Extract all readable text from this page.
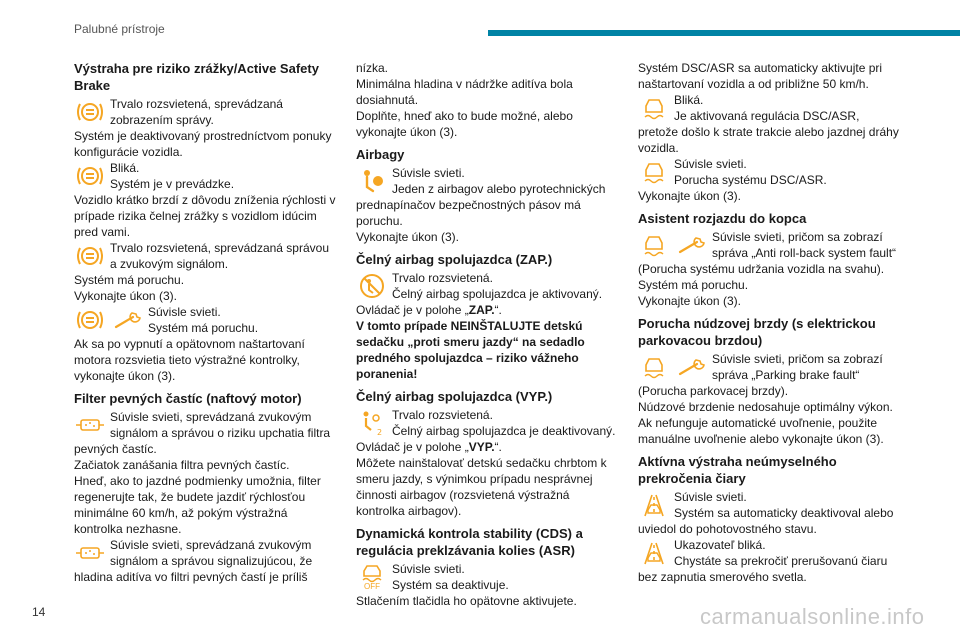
Palubné prístroje
Výstraha pre riziko zrážky/Active Safety Brake
Trvalo rozsvietená, sprevádzaná
zobrazením správy.

Systém je deaktivovaný prostredníctvom ponuky konfigurácie vozidla.

Bliká.
Systém je v prevádzke.

Vozidlo krátko brzdí z dôvodu zníženia rýchlosti v prípade rizika čelnej zrážky s vozidlom idúcim pred vami.

Trvalo rozsvietená, sprevádzaná správou
a zvukovým signálom.

Systém má poruchu.

Vykonajte úkon (3).

Súvisle svieti.
Systém má poruchu.

Ak sa po vypnutí a opätovnom naštartovaní motora rozsvietia tieto výstražné kontrolky, vykonajte úkon (3).

Filter pevných častíc (naftový motor)
Súvisle svieti, sprevádzaná zvukovým
signálom a správou o riziku upchatia filtra

pevných častíc.

Začiatok zanášania filtra pevných častíc.

Hneď, ako to jazdné podmienky umožnia, filter regenerujte tak, že budete jazdiť rýchlosťou minimálne 60 km/h, až pokým výstražná kontrolka nezhasne.

Súvisle svieti, sprevádzaná zvukovým
signálom a správou signalizujúcou, že

hladina aditíva vo filtri pevných častí je príliš

nízka.

Minimálna hladina v nádržke aditíva bola dosiahnutá.

Doplňte, hneď ako to bude možné, alebo vykonajte úkon (3).

Airbagy
Súvisle svieti.
Jeden z airbagov alebo pyrotechnických

prednapínačov bezpečnostných pásov má poruchu.

Vykonajte úkon (3).

Čelný airbag spolujazdca (ZAP.)
Trvalo rozsvietená.
Čelný airbag spolujazdca je aktivovaný.

Ovládač je v polohe „ZAP.“.

V tomto prípade NEINŠTALUJTE detskú sedačku „proti smeru jazdy“ na sedadlo predného spolujazdca – riziko vážneho poranenia!

Čelný airbag spolujazdca (VYP.)
2
Trvalo rozsvietená.
Čelný airbag spolujazdca je deaktivovaný.

Ovládač je v polohe „VYP.“.

Môžete nainštalovať detskú sedačku chrbtom k smeru jazdy, s výnimkou prípadu nesprávnej činnosti airbagov (rozsvietená výstražná kontrolka airbagov).

Dynamická kontrola stability (CDS) a regulácia preklzávania kolies (ASR)
OFF
Súvisle svieti.
Systém sa deaktivuje.

Stlačením tlačidla ho opätovne aktivujete.

Systém DSC/ASR sa automaticky aktivujte pri naštartovaní vozidla a od približne 50 km/h.

Bliká.
Je aktivovaná regulácia DSC/ASR,

pretože došlo k strate trakcie alebo jazdnej dráhy vozidla.

Súvisle svieti.
Porucha systému DSC/ASR.

Vykonajte úkon (3).

Asistent rozjazdu do kopca
Súvisle svieti, pričom sa zobrazí
správa „Anti roll-back system fault“

(Porucha systému udržania vozidla na svahu).

Systém má poruchu.

Vykonajte úkon (3).

Porucha núdzovej brzdy (s elektrickou parkovacou brzdou)
Súvisle svieti, pričom sa zobrazí
správa „Parking brake fault“

(Porucha parkovacej brzdy).

Núdzové brzdenie nedosahuje optimálny výkon.

Ak nefunguje automatické uvoľnenie, použite manuálne uvoľnenie alebo vykonajte úkon (3).

Aktívna výstraha neúmyselného prekročenia čiary
Súvisle svieti.
Systém sa automaticky deaktivoval alebo

uviedol do pohotovostného stavu.

Ukazovateľ bliká.
Chystáte sa prekročiť prerušovanú čiaru

bez zapnutia smerového svetla.

14	carmanualsonline.info
